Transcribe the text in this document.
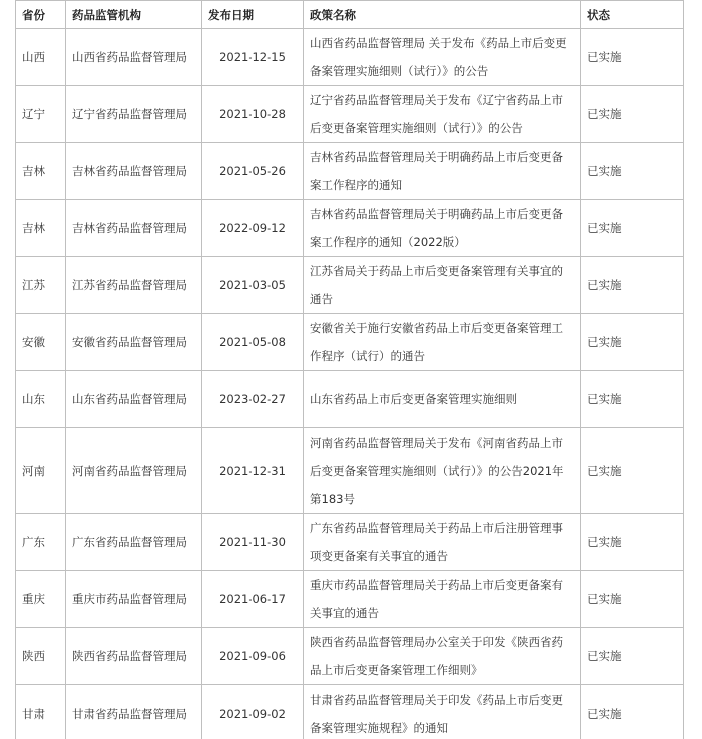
省份	药品监管机构	发布日期	政策名称	状态
山西	山西省药品监督管理局	2021-12-15	山西省药品监督管理局 关于发布《药品上市后变更备案管理实施细则（试行）》的公告	已实施
辽宁	辽宁省药品监督管理局	2021-10-28	辽宁省药品监督管理局关于发布《辽宁省药品上市后变更备案管理实施细则（试行）》的公告	已实施
吉林	吉林省药品监督管理局	2021-05-26	吉林省药品监督管理局关于明确药品上市后变更备案工作程序的通知	已实施
吉林	吉林省药品监督管理局	2022-09-12	吉林省药品监督管理局关于明确药品上市后变更备案工作程序的通知（2022版）	已实施
江苏	江苏省药品监督管理局	2021-03-05	江苏省局关于药品上市后变更备案管理有关事宜的通告	已实施
安徽	安徽省药品监督管理局	2021-05-08	安徽省关于施行安徽省药品上市后变更备案管理工作程序（试行）的通告	已实施
山东	山东省药品监督管理局	2023-02-27	山东省药品上市后变更备案管理实施细则	已实施
河南	河南省药品监督管理局	2021-12-31	河南省药品监督管理局关于发布《河南省药品上市后变更备案管理实施细则（试行）》的公告2021年第183号	已实施
广东	广东省药品监督管理局	2021-11-30	广东省药品监督管理局关于药品上市后注册管理事项变更备案有关事宜的通告	已实施
重庆	重庆市药品监督管理局	2021-06-17	重庆市药品监督管理局关于药品上市后变更备案有关事宜的通告	已实施
陕西	陕西省药品监督管理局	2021-09-06	陕西省药品监督管理局办公室关于印发《陕西省药品上市后变更备案管理工作细则》	已实施
甘肃	甘肃省药品监督管理局	2021-09-02	甘肃省药品监督管理局关于印发《药品上市后变更备案管理实施规程》的通知	已实施
